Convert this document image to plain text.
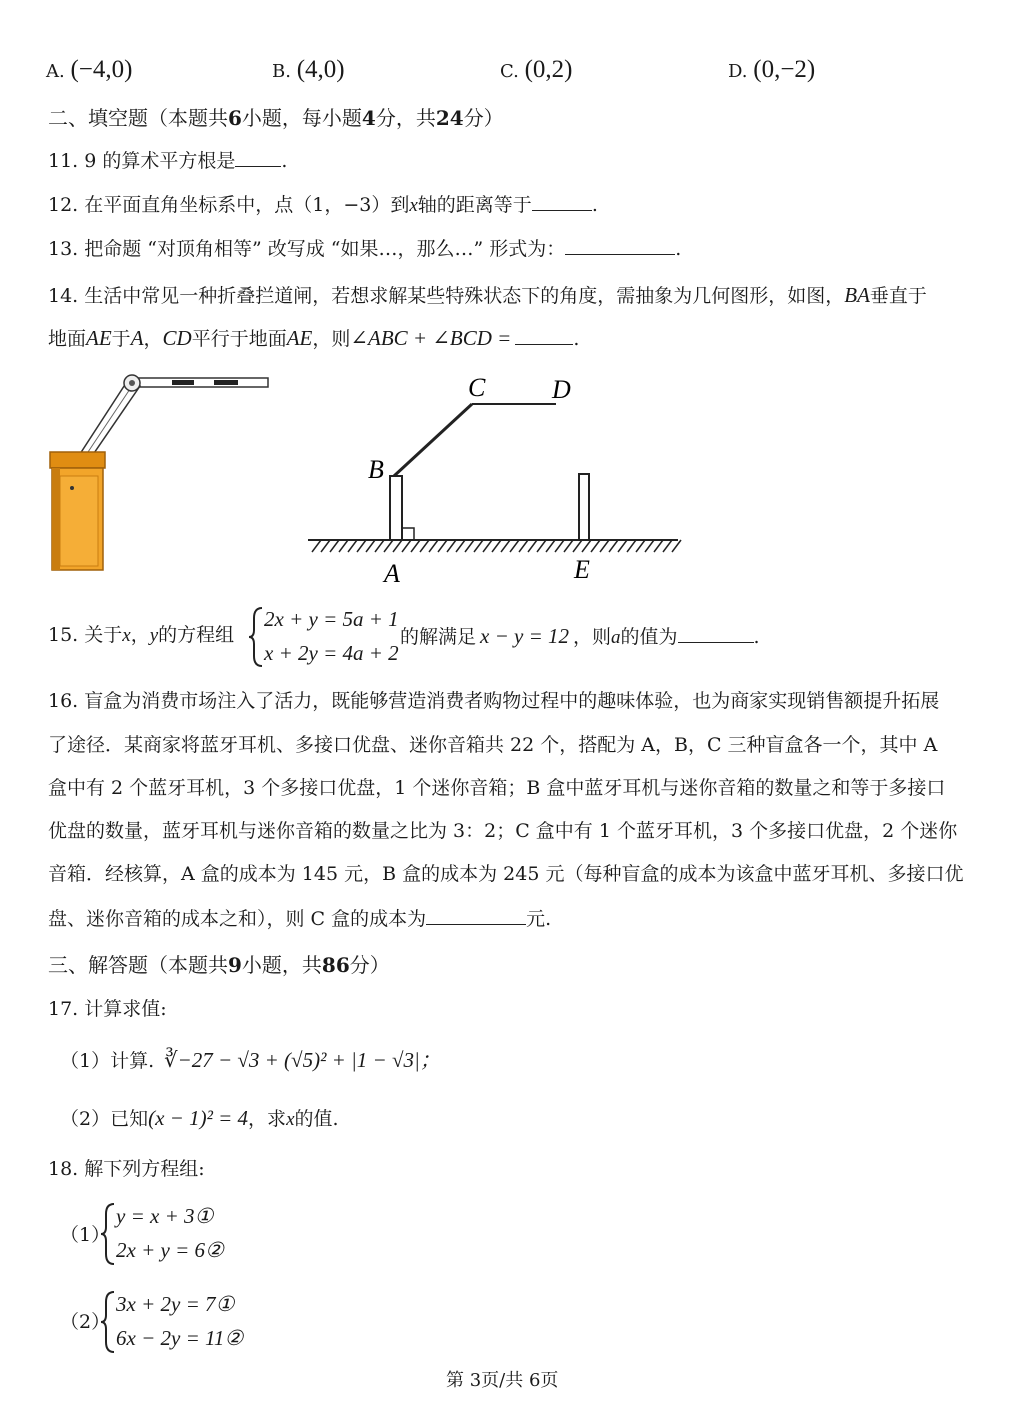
A. (−4,0)	B. (4,0)	C. (0,2)	D. (0,−2)
二、填空题（本题共6小题，每小题4分，共24分）
11. 9 的算术平方根是 .
12. 在平面直角坐标系中，点（1，−3）到x轴的距离等于	.
13. 把命题 “对顶角相等” 改写成 “如果…，那么…” 形式为：	.
14. 生活中常见一种折叠拦道闸，若想求解某些特殊状态下的角度，需抽象为几何图形，如图，BA垂直于
地面AE于A，CD平行于地面AE，则∠ABC + ∠BCD =	.
C	D
B
A	E
15. 关于x，y的方程组
2x + y = 5a + 1
x + 2y = 4a + 2
的解满足 x − y = 12 ，则a的值为	.
16. 盲盒为消费市场注入了活力，既能够营造消费者购物过程中的趣味体验，也为商家实现销售额提升拓展
了途径．某商家将蓝牙耳机、多接口优盘、迷你音箱共 22 个，搭配为 A，B，C 三种盲盒各一个，其中 A
盒中有 2 个蓝牙耳机，3 个多接口优盘，1 个迷你音箱；B 盒中蓝牙耳机与迷你音箱的数量之和等于多接口
优盘的数量，蓝牙耳机与迷你音箱的数量之比为 3：2；C 盒中有 1 个蓝牙耳机，3 个多接口优盘，2 个迷你
音箱．经核算，A 盒的成本为 145 元，B 盒的成本为 245 元（每种盲盒的成本为该盒中蓝牙耳机、多接口优
盘、迷你音箱的成本之和），则 C 盒的成本为	元.
三、解答题（本题共9小题，共86分）
17. 计算求值:
（1）计算. ∛−27 − √3 + (√5)² + |1 − √3|；
（2）已知(x − 1)² = 4，求x的值.
18. 解下列方程组:
（1）
y = x + 3①
2x + y = 6②
（2）
3x + 2y = 7①
6x − 2y = 11②
第 3页/共 6页
